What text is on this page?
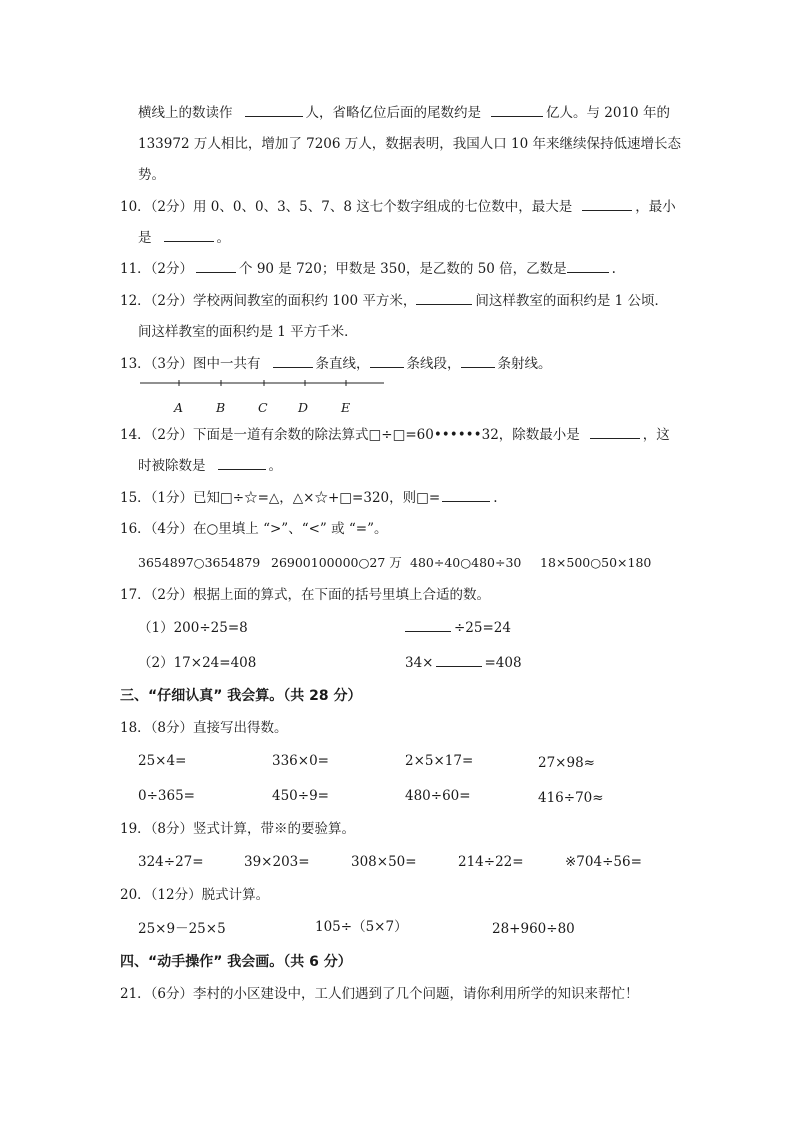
横线上的数读作	人，省略亿位后面的尾数约是	亿人。与 2010 年的
133972 万人相比，增加了 7206 万人，数据表明，我国人口 10 年来继续保持低速增长态
势。
10．（2分）用 0、0、0、3、5、7、8 这七个数字组成的七位数中，最大是	，最小
是	。
11．（2分）	个 90 是 720；甲数是 350，是乙数的 50 倍，乙数是	.
12．（2分）学校两间教室的面积约 100 平方米，	间这样教室的面积约是 1 公顷．
间这样教室的面积约是 1 平方千米．
13．（3分）图中一共有	条直线，	条线段，	条射线。
A	B	C D	E
14．（2分）下面是一道有余数的除法算式□÷□=60••••••32，除数最小是	，这
时被除数是	。
15．（1分）已知□÷☆=△，△×☆+□=320，则□=	.
16．（4分）在○里填上 “>”、“<” 或 “=”。
3654897○3654879 26900100000○27 万 480÷40○480÷30 18×500○50×180
17．（2分）根据上面的算式，在下面的括号里填上合适的数。
（1）200÷25=8	÷25=24
（2）17×24=408	34×	=408
三、“仔细认真” 我会算。（共 28 分）
18．（8分）直接写出得数。
25×4=	336×0=	2×5×17=	27×98≈
0÷365=	450÷9=	480÷60=	416÷70≈
19．（8分）竖式计算，带※的要验算。
324÷27=	39×203=	308×50=	214÷22=	※704÷56=
20．（12分）脱式计算。
25×9－25×5	105÷（5×7）	28+960÷80
四、“动手操作” 我会画。（共 6 分）
21．（6分）李村的小区建设中，工人们遇到了几个问题，请你利用所学的知识来帮忙！
